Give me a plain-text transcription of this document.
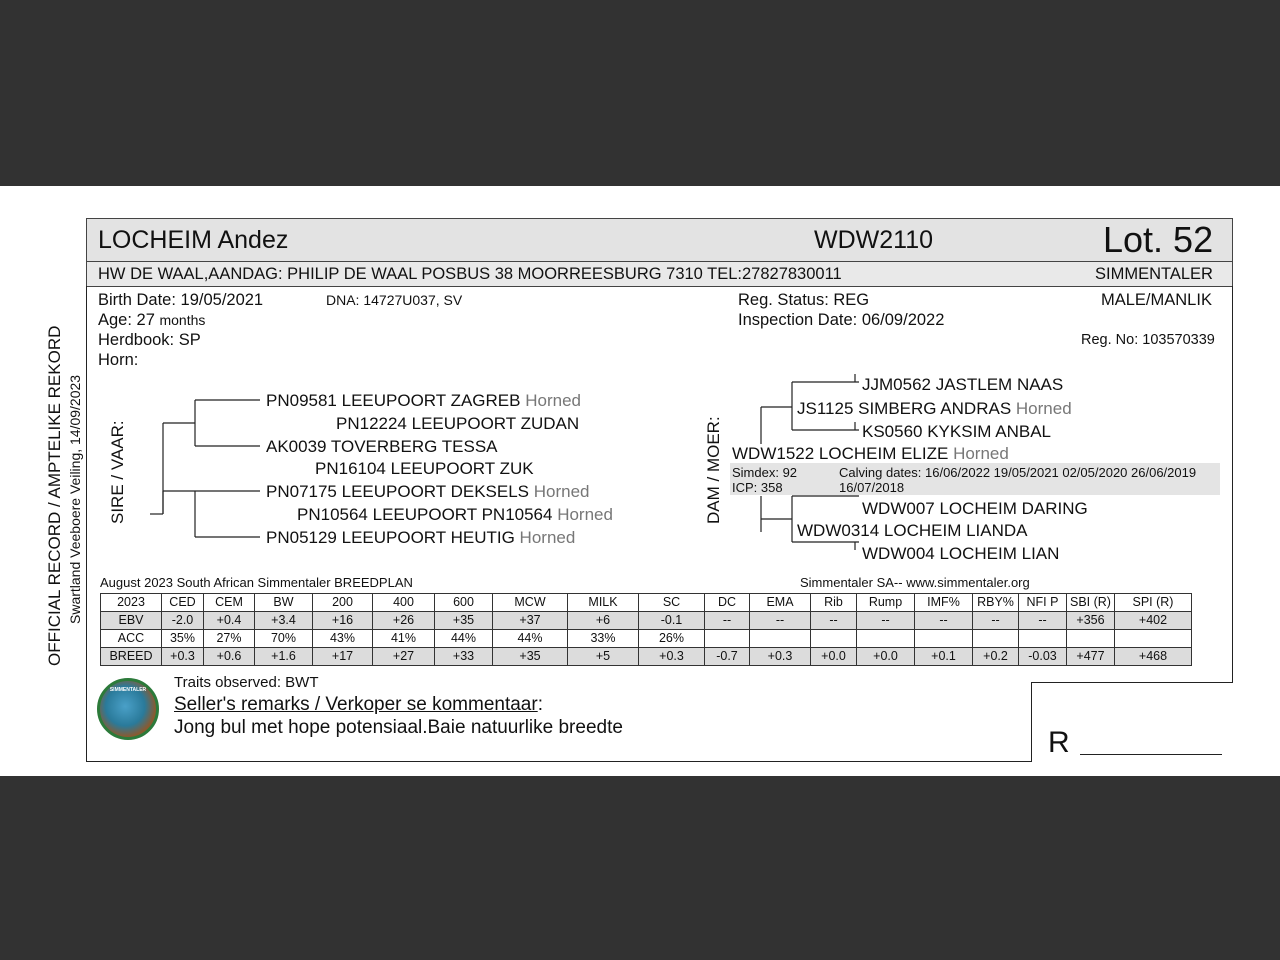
LOCHEIM Andez	WDW2110	Lot. 52
HW DE WAAL,AANDAG: PHILIP DE WAAL POSBUS 38 MOORREESBURG 7310 TEL:27827830011	SIMMENTALER
Birth Date: 19/05/2021	DNA: 14727U037, SV
Age: 27 months
Herdbook: SP
Horn:
Reg. Status: REG
Inspection Date: 06/09/2022
MALE/MANLIK
Reg. No: 103570339
OFFICIAL RECORD / AMPTELIKE REKORD Swartland Veeboere Veiling, 14/09/2023 SIRE / VAAR:	DAM / MOER:
PN09581 LEEUPOORT ZAGREB Horned
PN12224 LEEUPOORT ZUDAN
AK0039 TOVERBERG TESSA
PN16104 LEEUPOORT ZUK
PN07175 LEEUPOORT DEKSELS Horned
PN10564 LEEUPOORT PN10564 Horned
PN05129 LEEUPOORT HEUTIG Horned
JJM0562 JASTLEM NAAS
JS1125 SIMBERG ANDRAS Horned
KS0560 KYKSIM ANBAL
WDW1522 LOCHEIM ELIZE Horned
Simdex: 92
ICP: 358
Calving dates: 16/06/2022 19/05/2021 02/05/2020 26/06/2019
16/07/2018
WDW007 LOCHEIM DARING
WDW0314 LOCHEIM LIANDA
WDW004 LOCHEIM LIAN
August 2023 South African Simmentaler BREEDPLAN	Simmentaler SA-- www.simmentaler.org
2023	CED	CEM	BW	200	400	600	MCW	MILK	SC	DC	EMA	Rib	Rump	IMF%	RBY%	NFI P	SBI (R)	SPI (R)
EBV	-2.0	+0.4	+3.4	+16	+26	+35	+37	+6	-0.1	--	--	--	--	--	--	--	+356	+402
ACC	35%	27%	70%	43%	41%	44%	44%	33%	26%									
BREED	+0.3	+0.6	+1.6	+17	+27	+33	+35	+5	+0.3	-0.7	+0.3	+0.0	+0.0	+0.1	+0.2	-0.03	+477	+468
SIMMENTALER	Traits observed: BWT
Seller's remarks / Verkoper se kommentaar:
Jong bul met hope potensiaal.Baie natuurlike breedte	R
